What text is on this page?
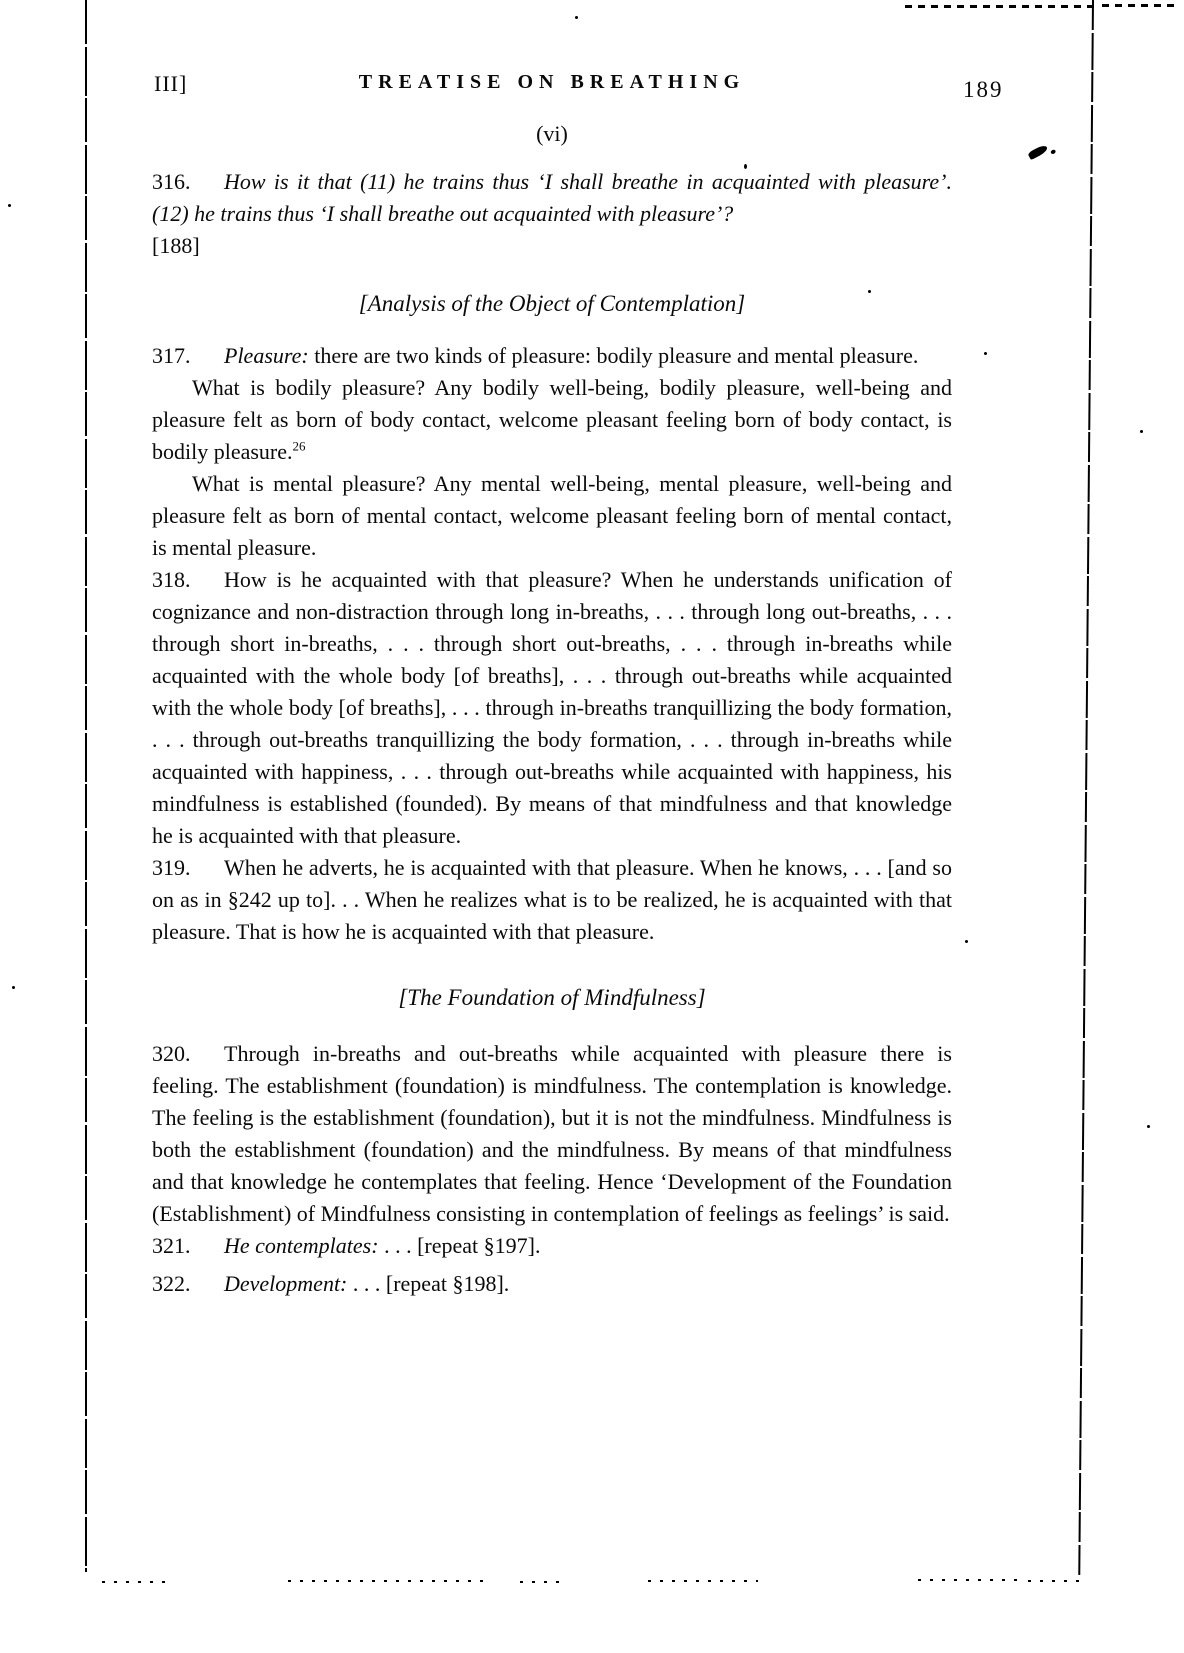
III]	TREATISE ON BREATHING	189
(vi)

316. How is it that (11) he trains thus ‘I shall breathe in acquainted with pleasure’. (12) he trains thus ‘I shall breathe out acquainted with pleasure’?
[188]

[Analysis of the Object of Contemplation]

317. Pleasure: there are two kinds of pleasure: bodily pleasure and mental pleasure.

What is bodily pleasure? Any bodily well-being, bodily pleasure, well-being and pleasure felt as born of body contact, welcome pleasant feeling born of body contact, is bodily pleasure.$^{26}$

What is mental pleasure? Any mental well-being, mental pleasure, well-being and pleasure felt as born of mental contact, welcome pleasant feeling born of mental contact, is mental pleasure.

318. How is he acquainted with that pleasure? When he understands unification of cognizance and non-distraction through long in-breaths, . . . through long out-breaths, . . . through short in-breaths, . . . through short out-breaths, . . . through in-breaths while acquainted with the whole body [of breaths], . . . through out-breaths while acquainted with the whole body [of breaths], . . . through in-breaths tranquillizing the body formation, . . . through out-breaths tranquillizing the body formation, . . . through in-breaths while acquainted with happiness, . . . through out-breaths while acquainted with happiness, his mindfulness is established (founded). By means of that mindfulness and that knowledge he is acquainted with that pleasure.

319. When he adverts, he is acquainted with that pleasure. When he knows, . . . [and so on as in §242 up to]. . . When he realizes what is to be realized, he is acquainted with that pleasure. That is how he is acquainted with that pleasure.

[The Foundation of Mindfulness]

320. Through in-breaths and out-breaths while acquainted with pleasure there is feeling. The establishment (foundation) is mindfulness. The contemplation is knowledge. The feeling is the establishment (foundation), but it is not the mindfulness. Mindfulness is both the establishment (foundation) and the mindfulness. By means of that mindfulness and that knowledge he contemplates that feeling. Hence ‘Development of the Foundation (Establishment) of Mindfulness consisting in contemplation of feelings as feelings’ is said.

321. He contemplates: . . . [repeat §197].

322. Development: . . . [repeat §198].
